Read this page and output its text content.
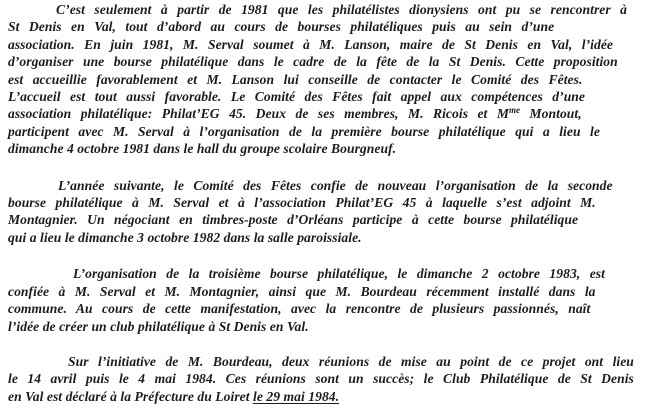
C’est seulement à partir de 1981 que les philatélistes dionysiens ont pu se rencontrer à
St Denis en Val, tout d’abord au cours de bourses philatéliques puis au sein d’une
association. En juin 1981, M. Serval soumet à M. Lanson, maire de St Denis en Val, l’idée
d’organiser une bourse philatélique dans le cadre de la fête de la St Denis. Cette proposition
est accueillie favorablement et M. Lanson lui conseille de contacter le Comité des Fêtes.
L’accueil est tout aussi favorable. Le Comité des Fêtes fait appel aux compétences d’une
association philatélique: Philat’EG 45. Deux de ses membres, M. Ricois et $M^{me}$ Montout,
participent avec M. Serval à l’organisation de la première bourse philatélique qui a lieu le
dimanche 4 octobre 1981 dans le hall du groupe scolaire Bourgneuf.

L’année suivante, le Comité des Fêtes confie de nouveau l’organisation de la seconde
bourse philatélique à M. Serval et à l’association Philat’EG 45 à laquelle s’est adjoint M.
Montagnier. Un négociant en timbres-poste d’Orléans participe à cette bourse philatélique
qui a lieu le dimanche 3 octobre 1982 dans la salle paroissiale.

L’organisation de la troisième bourse philatélique, le dimanche 2 octobre 1983, est
confiée à M. Serval et M. Montagnier, ainsi que M. Bourdeau récemment installé dans la
commune. Au cours de cette manifestation, avec la rencontre de plusieurs passionnés, naît
l’idée de créer un club philatélique à St Denis en Val.

Sur l’initiative de M. Bourdeau, deux réunions de mise au point de ce projet ont lieu
le 14 avril puis le 4 mai 1984. Ces réunions sont un succès; le Club Philatélique de St Denis
en Val est déclaré à la Préfecture du Loiret le 29 mai 1984.
